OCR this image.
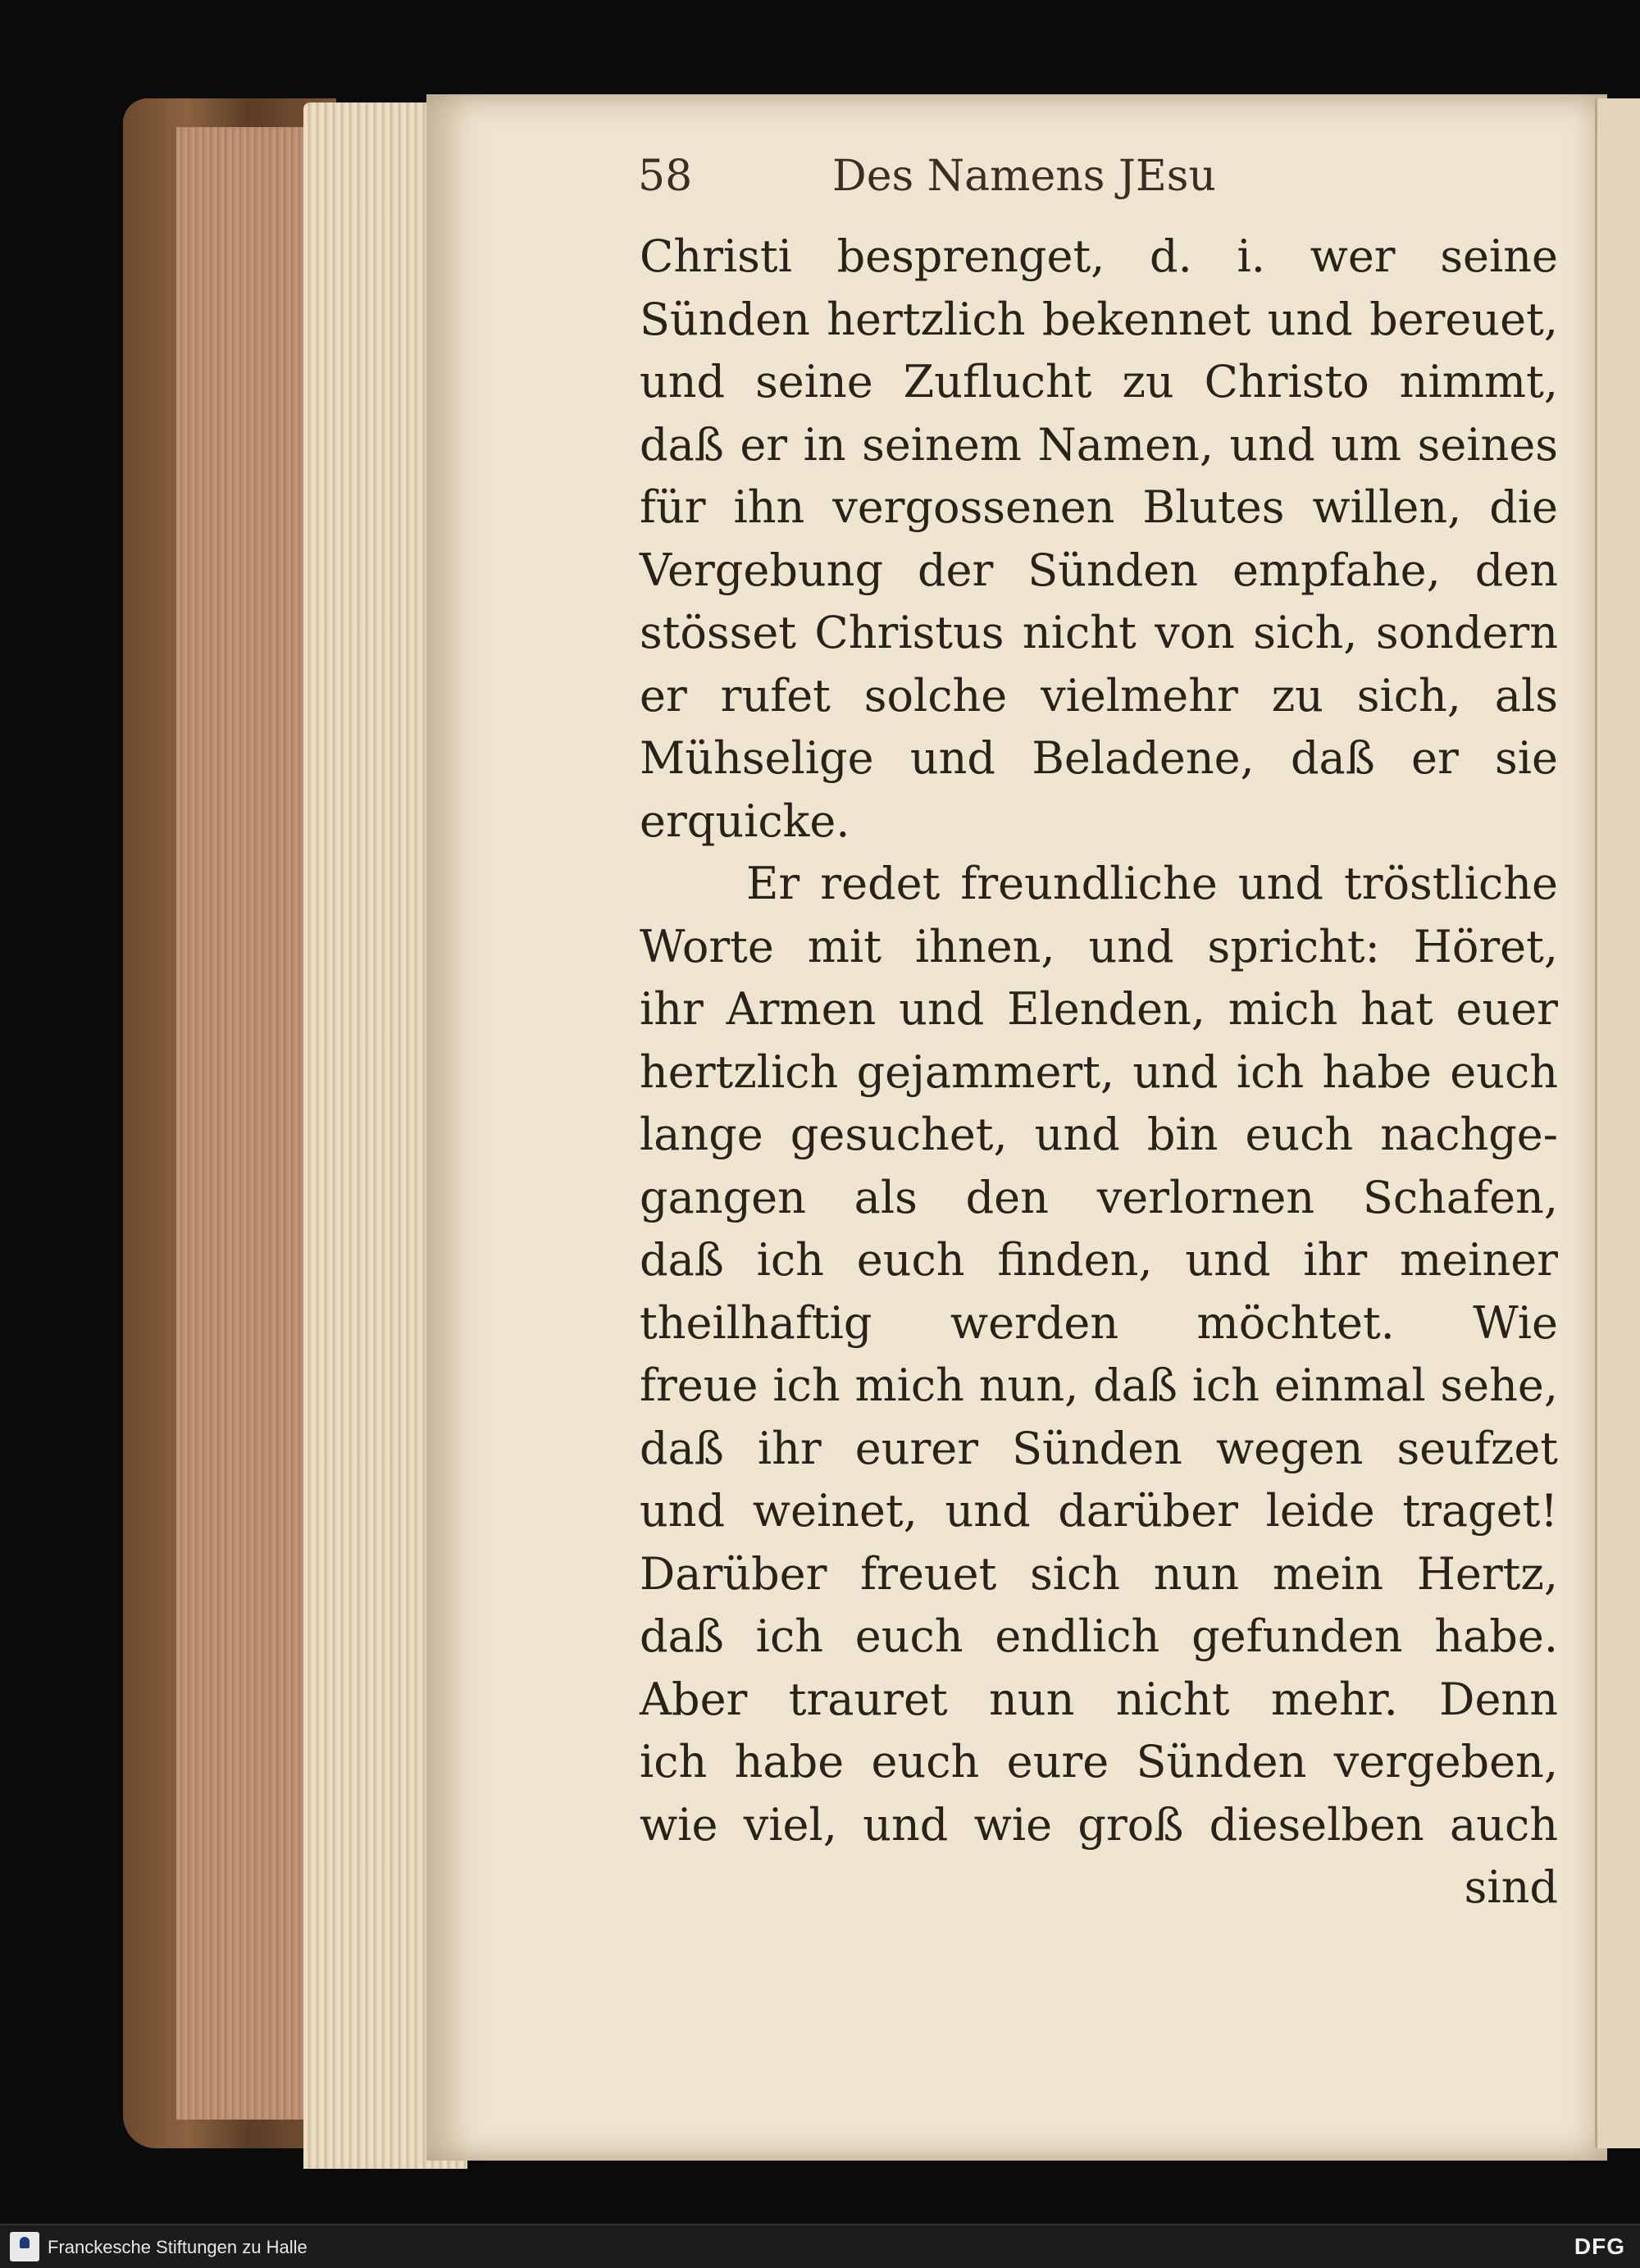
58	Des Namens JEsu
Christi besprenget, d. i. wer seine
Sünden hertzlich bekennet und bereuet,
und seine Zuflucht zu Christo nimmt,
daß er in seinem Namen, und um seines
für ihn vergossenen Blutes willen, die
Vergebung der Sünden empfahe, den
stösset Christus nicht von sich, sondern
er rufet solche vielmehr zu sich, als
Mühselige und Beladene, daß er sie
erquicke.
Er redet freundliche und tröstliche
Worte mit ihnen, und spricht: Höret,
ihr Armen und Elenden, mich hat euer
hertzlich gejammert, und ich habe euch
lange gesuchet, und bin euch nachge-
gangen als den verlornen Schafen,
daß ich euch finden, und ihr meiner
theilhaftig werden möchtet. Wie
freue ich mich nun, daß ich einmal sehe,
daß ihr eurer Sünden wegen seufzet
und weinet, und darüber leide traget!
Darüber freuet sich nun mein Hertz,
daß ich euch endlich gefunden habe.
Aber trauret nun nicht mehr. Denn
ich habe euch eure Sünden vergeben,
wie viel, und wie groß dieselben auch
sind
Franckesche Stiftungen zu Halle	DFG
